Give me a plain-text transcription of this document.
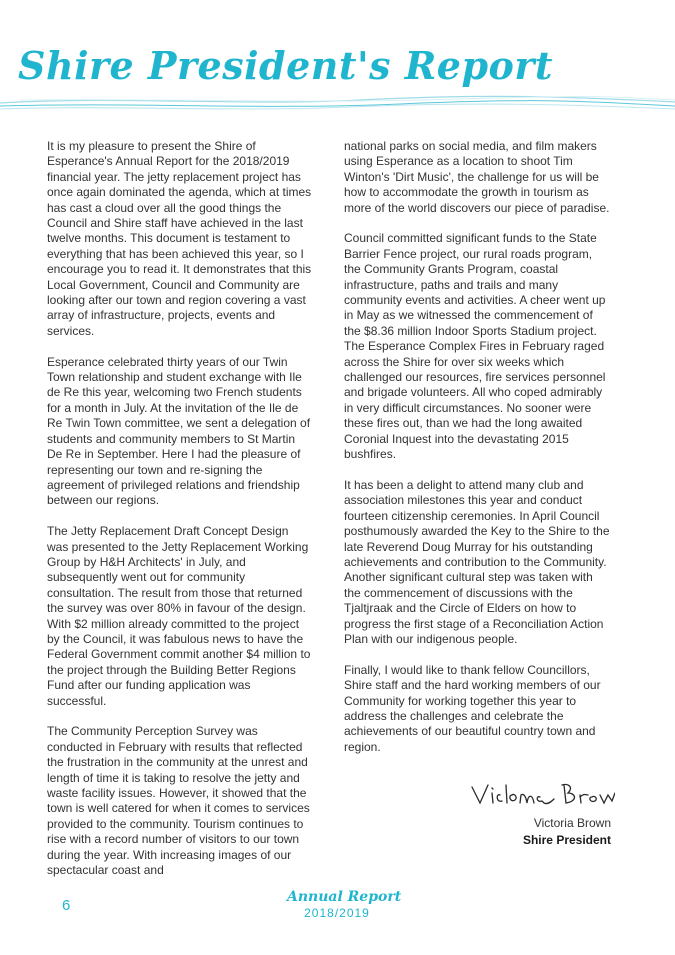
Shire President's Report

It is my pleasure to present the Shire of Esperance's Annual Report for the 2018/2019 financial year. The jetty replacement project has once again dominated the agenda, which at times has cast a cloud over all the good things the Council and Shire staff have achieved in the last twelve months. This document is testament to everything that has been achieved this year, so I encourage you to read it. It demonstrates that this Local Government, Council and Community are looking after our town and region covering a vast array of infrastructure, projects, events and services.

Esperance celebrated thirty years of our Twin Town relationship and student exchange with Ile de Re this year, welcoming two French students for a month in July. At the invitation of the Ile de Re Twin Town committee, we sent a delegation of students and community members to St Martin De Re in September. Here I had the pleasure of representing our town and re-signing the agreement of privileged relations and friendship between our regions.

The Jetty Replacement Draft Concept Design was presented to the Jetty Replacement Working Group by H&H Architects' in July, and subsequently went out for community consultation. The result from those that returned the survey was over 80% in favour of the design. With $2 million already committed to the project by the Council, it was fabulous news to have the Federal Government commit another $4 million to the project through the Building Better Regions Fund after our funding application was successful.

The Community Perception Survey was conducted in February with results that reflected the frustration in the community at the unrest and length of time it is taking to resolve the jetty and waste facility issues. However, it showed that the town is well catered for when it comes to services provided to the community. Tourism continues to rise with a record number of visitors to our town during the year. With increasing images of our spectacular coast and

national parks on social media, and film makers using Esperance as a location to shoot Tim Winton's 'Dirt Music', the challenge for us will be how to accommodate the growth in tourism as more of the world discovers our piece of paradise.

Council committed significant funds to the State Barrier Fence project, our rural roads program, the Community Grants Program, coastal infrastructure, paths and trails and many community events and activities. A cheer went up in May as we witnessed the commencement of the $8.36 million Indoor Sports Stadium project. The Esperance Complex Fires in February raged across the Shire for over six weeks which challenged our resources, fire services personnel and brigade volunteers. All who coped admirably in very difficult circumstances. No sooner were these fires out, than we had the long awaited Coronial Inquest into the devastating 2015 bushfires.

It has been a delight to attend many club and association milestones this year and conduct fourteen citizenship ceremonies. In April Council posthumously awarded the Key to the Shire to the late Reverend Doug Murray for his outstanding achievements and contribution to the Community. Another significant cultural step was taken with the commencement of discussions with the Tjaltjraak and the Circle of Elders on how to progress the first stage of a Reconciliation Action Plan with our indigenous people.

Finally, I would like to thank fellow Councillors, Shire staff and the hard working members of our Community for working together this year to address the challenges and celebrate the achievements of our beautiful country town and region.

Victoria Brown
Shire President
6	Annual Report
2018/2019
